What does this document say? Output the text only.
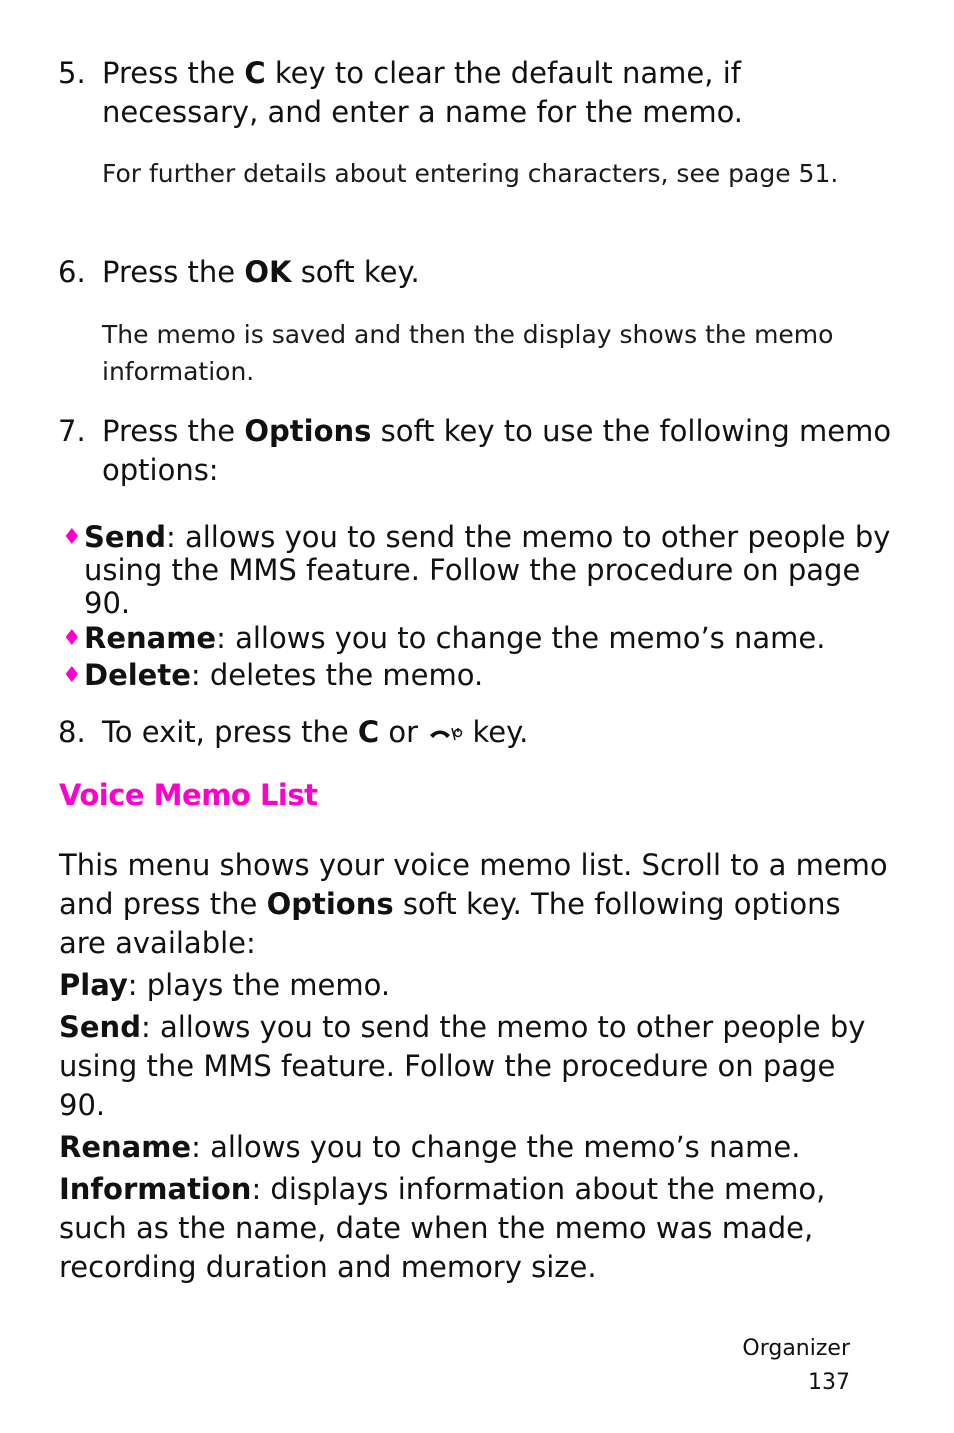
5. Press the C key to clear the default name, if necessary, and enter a name for the memo.
For further details about entering characters, see page 51.
6. Press the OK soft key.
The memo is saved and then the display shows the memo information.
7. Press the Options soft key to use the following memo options:
♦ Send: allows you to send the memo to other people by using the MMS feature. Follow the procedure on page 90.
♦ Rename: allows you to change the memo’s name.
♦ Delete: deletes the memo.
8. To exit, press the C or  key.
Voice Memo List
This menu shows your voice memo list. Scroll to a memo and press the Options soft key. The following options are available:
Play: plays the memo.
Send: allows you to send the memo to other people by using the MMS feature. Follow the procedure on page 90.
Rename: allows you to change the memo’s name.
Information: displays information about the memo, such as the name, date when the memo was made, recording duration and memory size.
Organizer
137
